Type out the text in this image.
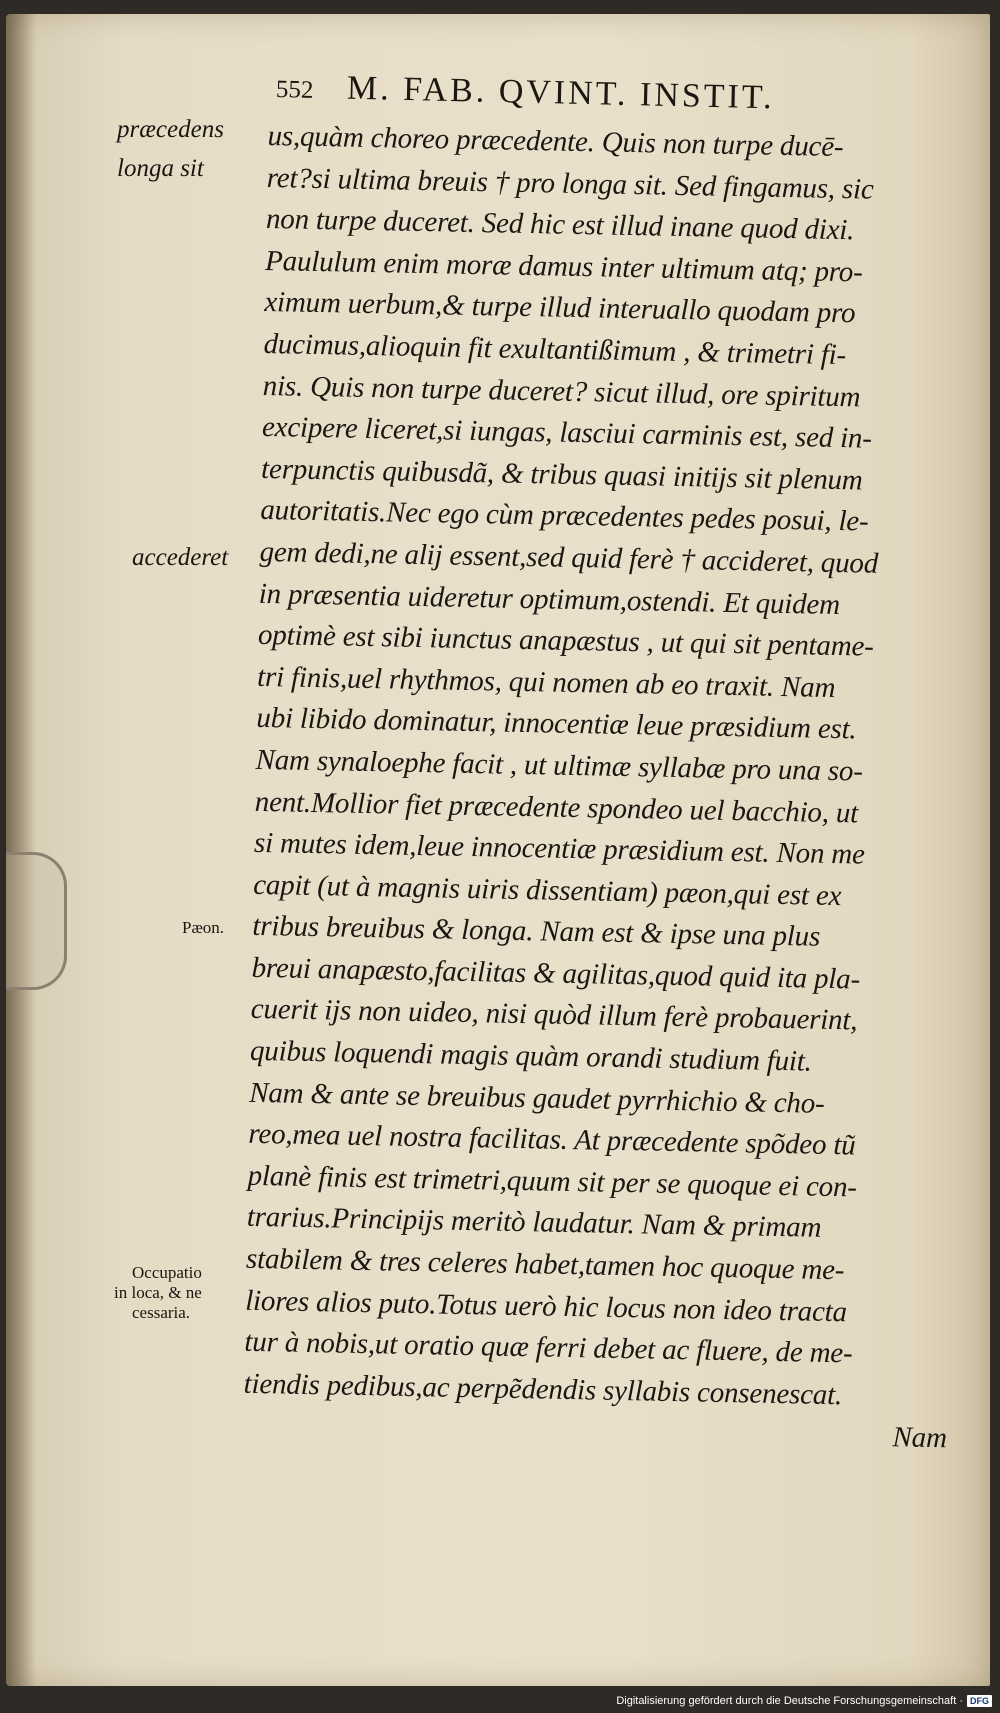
552 M. FAB. QVINT. INSTIT.
us,quàm choreo præcedente. Quis non turpe ducē-
ret?si ultima breuis † pro longa sit. Sed fingamus, sic
non turpe duceret. Sed hic est illud inane quod dixi.
Paululum enim moræ damus inter ultimum atq; pro-
ximum uerbum,& turpe illud interuallo quodam pro
ducimus,alioquin fit exultantißimum , & trimetri fi-
nis. Quis non turpe duceret? sicut illud, ore spiritum
excipere liceret,si iungas, lasciui carminis est, sed in-
terpunctis quibusdã, & tribus quasi initijs sit plenum
autoritatis.Nec ego cùm præcedentes pedes posui, le-
gem dedi,ne alij essent,sed quid ferè † accideret, quod
in præsentia uideretur optimum,ostendi. Et quidem
optimè est sibi iunctus anapæstus , ut qui sit pentame-
tri finis,uel rhythmos, qui nomen ab eo traxit. Nam
ubi libido dominatur, innocentiæ leue præsidium est.
Nam synaloephe facit , ut ultimæ syllabæ pro una so-
nent.Mollior fiet præcedente spondeo uel bacchio, ut
si mutes idem,leue innocentiæ præsidium est. Non me
capit (ut à magnis uiris dissentiam) pæon,qui est ex
tribus breuibus & longa. Nam est & ipse una plus
breui anapæsto,facilitas & agilitas,quod quid ita pla-
cuerit ijs non uideo, nisi quòd illum ferè probauerint,
quibus loquendi magis quàm orandi studium fuit.
Nam & ante se breuibus gaudet pyrrhichio & cho-
reo,mea uel nostra facilitas. At præcedente spõdeo tũ
planè finis est trimetri,quum sit per se quoque ei con-
trarius.Principijs meritò laudatur. Nam & primam
stabilem & tres celeres habet,tamen hoc quoque me-
liores alios puto.Totus uerò hic locus non ideo tracta
tur à nobis,ut oratio quæ ferri debet ac fluere, de me-
tiendis pedibus,ac perpẽdendis syllabis consenescat.
Nam
præcedens
longa sit
accederet
Pæon.
Occupatio
in loca, & ne
cessaria.
Digitalisierung gefördert durch die Deutsche Forschungsgemeinschaft · DFG
